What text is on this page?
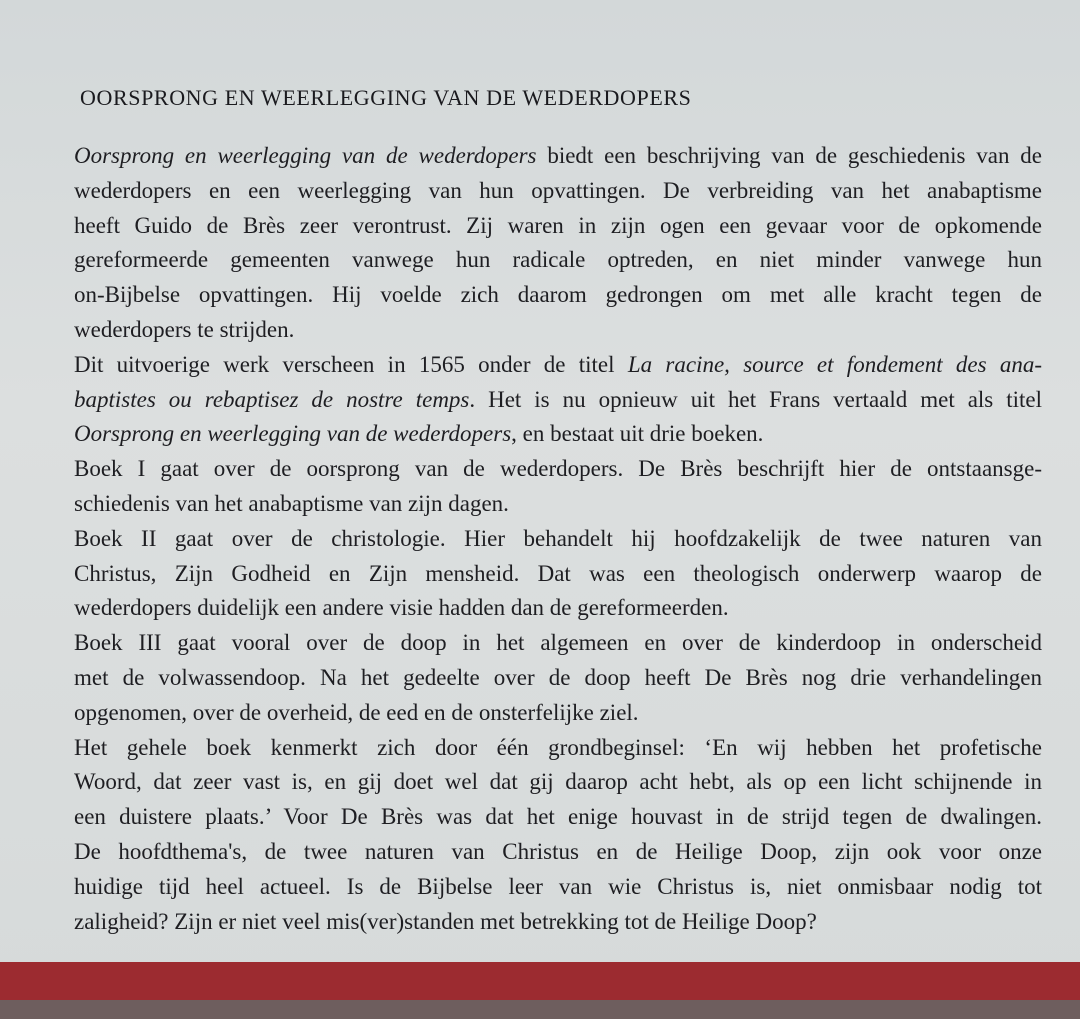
OORSPRONG EN WEERLEGGING VAN DE WEDERDOPERS
Oorsprong en weerlegging van de wederdopers biedt een beschrijving van de geschiedenis van de
wederdopers en een weerlegging van hun opvattingen. De verbreiding van het anabaptisme
heeft Guido de Brès zeer verontrust. Zij waren in zijn ogen een gevaar voor de opkomende
gereformeerde gemeenten vanwege hun radicale optreden, en niet minder vanwege hun
on-Bijbelse opvattingen. Hij voelde zich daarom gedrongen om met alle kracht tegen de
wederdopers te strijden.
Dit uitvoerige werk verscheen in 1565 onder de titel La racine, source et fondement des ana-
baptistes ou rebaptisez de nostre temps. Het is nu opnieuw uit het Frans vertaald met als titel
Oorsprong en weerlegging van de wederdopers, en bestaat uit drie boeken.
Boek I gaat over de oorsprong van de wederdopers. De Brès beschrijft hier de ontstaansge-
schiedenis van het anabaptisme van zijn dagen.
Boek II gaat over de christologie. Hier behandelt hij hoofdzakelijk de twee naturen van
Christus, Zijn Godheid en Zijn mensheid. Dat was een theologisch onderwerp waarop de
wederdopers duidelijk een andere visie hadden dan de gereformeerden.
Boek III gaat vooral over de doop in het algemeen en over de kinderdoop in onderscheid
met de volwassendoop. Na het gedeelte over de doop heeft De Brès nog drie verhandelingen
opgenomen, over de overheid, de eed en de onsterfelijke ziel.
Het gehele boek kenmerkt zich door één grondbeginsel: ‘En wij hebben het profetische
Woord, dat zeer vast is, en gij doet wel dat gij daarop acht hebt, als op een licht schijnende in
een duistere plaats.’ Voor De Brès was dat het enige houvast in de strijd tegen de dwalingen.
De hoofdthema's, de twee naturen van Christus en de Heilige Doop, zijn ook voor onze
huidige tijd heel actueel. Is de Bijbelse leer van wie Christus is, niet onmisbaar nodig tot
zaligheid? Zijn er niet veel mis(ver)standen met betrekking tot de Heilige Doop?
